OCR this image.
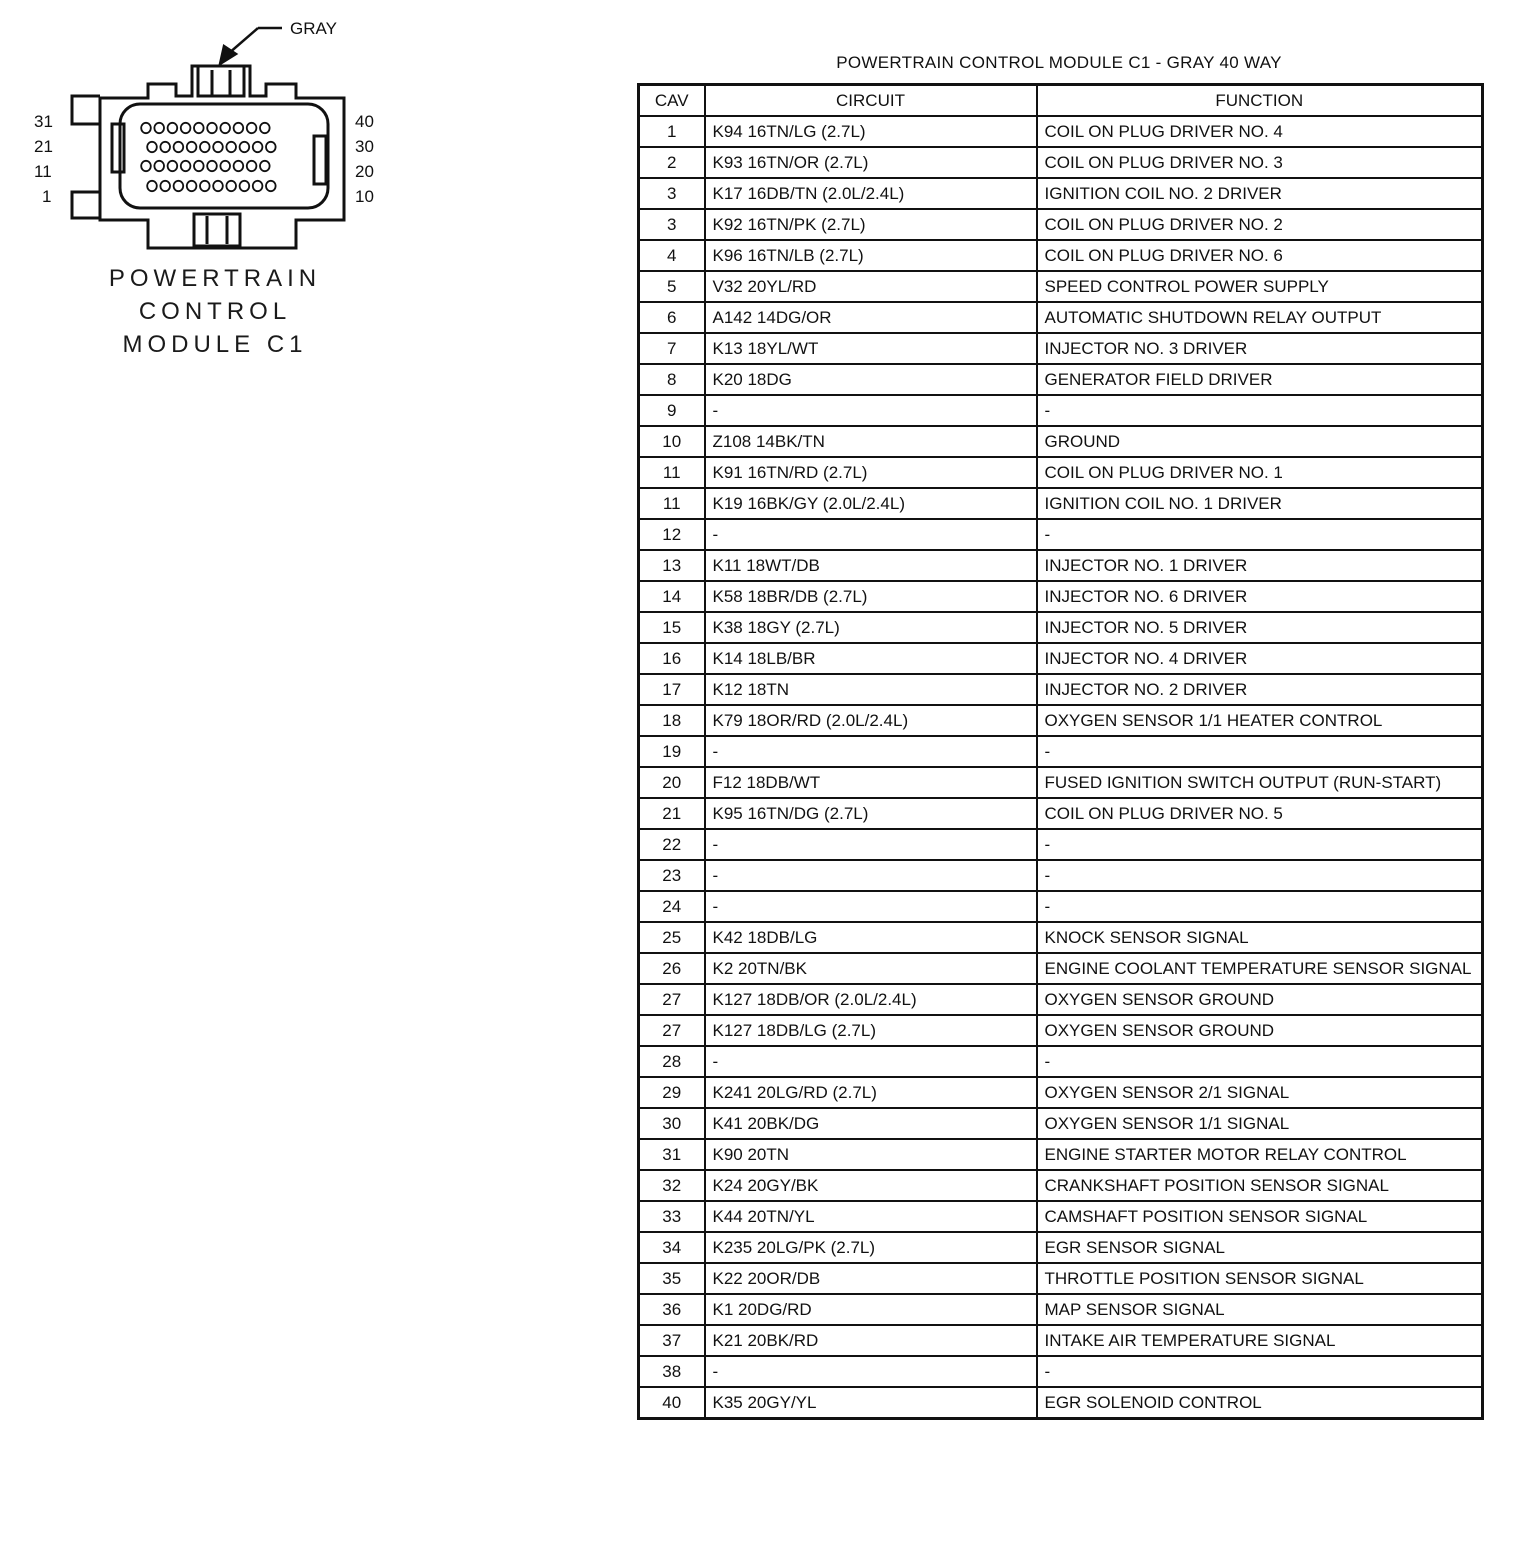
GRAY
31
21
11
1
40
30
20
10
POWERTRAIN
CONTROL
MODULE C1
POWERTRAIN CONTROL MODULE C1 - GRAY 40 WAY
CAV	CIRCUIT	FUNCTION
1	K94 16TN/LG (2.7L)	COIL ON PLUG DRIVER NO. 4
2	K93 16TN/OR (2.7L)	COIL ON PLUG DRIVER NO. 3
3	K17 16DB/TN (2.0L/2.4L)	IGNITION COIL NO. 2 DRIVER
3	K92 16TN/PK (2.7L)	COIL ON PLUG DRIVER NO. 2
4	K96 16TN/LB (2.7L)	COIL ON PLUG DRIVER NO. 6
5	V32 20YL/RD	SPEED CONTROL POWER SUPPLY
6	A142 14DG/OR	AUTOMATIC SHUTDOWN RELAY OUTPUT
7	K13 18YL/WT	INJECTOR NO. 3 DRIVER
8	K20 18DG	GENERATOR FIELD DRIVER
9	-	-
10	Z108 14BK/TN	GROUND
11	K91 16TN/RD (2.7L)	COIL ON PLUG DRIVER NO. 1
11	K19 16BK/GY (2.0L/2.4L)	IGNITION COIL NO. 1 DRIVER
12	-	-
13	K11 18WT/DB	INJECTOR NO. 1 DRIVER
14	K58 18BR/DB (2.7L)	INJECTOR NO. 6 DRIVER
15	K38 18GY (2.7L)	INJECTOR NO. 5 DRIVER
16	K14 18LB/BR	INJECTOR NO. 4 DRIVER
17	K12 18TN	INJECTOR NO. 2 DRIVER
18	K79 18OR/RD (2.0L/2.4L)	OXYGEN SENSOR 1/1 HEATER CONTROL
19	-	-
20	F12 18DB/WT	FUSED IGNITION SWITCH OUTPUT (RUN-START)
21	K95 16TN/DG (2.7L)	COIL ON PLUG DRIVER NO. 5
22	-	-
23	-	-
24	-	-
25	K42 18DB/LG	KNOCK SENSOR SIGNAL
26	K2 20TN/BK	ENGINE COOLANT TEMPERATURE SENSOR SIGNAL
27	K127 18DB/OR (2.0L/2.4L)	OXYGEN SENSOR GROUND
27	K127 18DB/LG (2.7L)	OXYGEN SENSOR GROUND
28	-	-
29	K241 20LG/RD (2.7L)	OXYGEN SENSOR 2/1 SIGNAL
30	K41 20BK/DG	OXYGEN SENSOR 1/1 SIGNAL
31	K90 20TN	ENGINE STARTER MOTOR RELAY CONTROL
32	K24 20GY/BK	CRANKSHAFT POSITION SENSOR SIGNAL
33	K44 20TN/YL	CAMSHAFT POSITION SENSOR SIGNAL
34	K235 20LG/PK (2.7L)	EGR SENSOR SIGNAL
35	K22 20OR/DB	THROTTLE POSITION SENSOR SIGNAL
36	K1 20DG/RD	MAP SENSOR SIGNAL
37	K21 20BK/RD	INTAKE AIR TEMPERATURE SIGNAL
38	-	-
40	K35 20GY/YL	EGR SOLENOID CONTROL
